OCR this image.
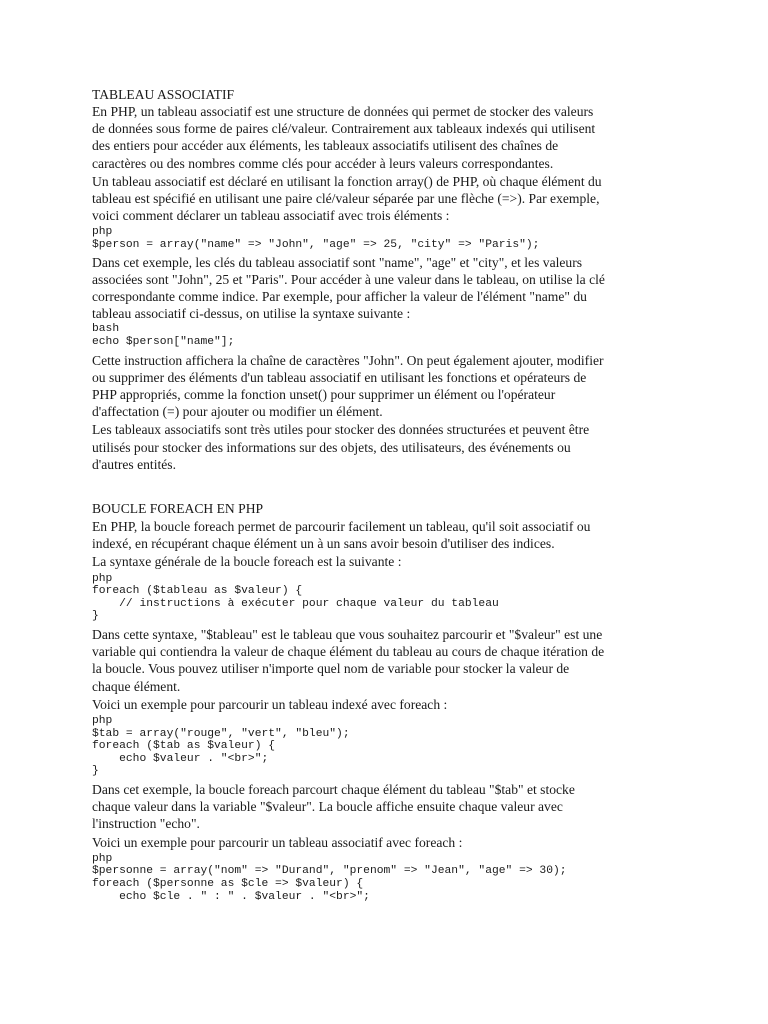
TABLEAU ASSOCIATIF
En PHP, un tableau associatif est une structure de données qui permet de stocker des valeurs
de données sous forme de paires clé/valeur. Contrairement aux tableaux indexés qui utilisent
des entiers pour accéder aux éléments, les tableaux associatifs utilisent des chaînes de
caractères ou des nombres comme clés pour accéder à leurs valeurs correspondantes.
Un tableau associatif est déclaré en utilisant la fonction array() de PHP, où chaque élément du
tableau est spécifié en utilisant une paire clé/valeur séparée par une flèche (=>). Par exemple,
voici comment déclarer un tableau associatif avec trois éléments :
php
$person = array("name" => "John", "age" => 25, "city" => "Paris");
Dans cet exemple, les clés du tableau associatif sont "name", "age" et "city", et les valeurs
associées sont "John", 25 et "Paris". Pour accéder à une valeur dans le tableau, on utilise la clé
correspondante comme indice. Par exemple, pour afficher la valeur de l'élément "name" du
tableau associatif ci-dessus, on utilise la syntaxe suivante :
bash
echo $person["name"];
Cette instruction affichera la chaîne de caractères "John". On peut également ajouter, modifier
ou supprimer des éléments d'un tableau associatif en utilisant les fonctions et opérateurs de
PHP appropriés, comme la fonction unset() pour supprimer un élément ou l'opérateur
d'affectation (=) pour ajouter ou modifier un élément.
Les tableaux associatifs sont très utiles pour stocker des données structurées et peuvent être
utilisés pour stocker des informations sur des objets, des utilisateurs, des événements ou
d'autres entités.
BOUCLE FOREACH EN PHP
En PHP, la boucle foreach permet de parcourir facilement un tableau, qu'il soit associatif ou
indexé, en récupérant chaque élément un à un sans avoir besoin d'utiliser des indices.
La syntaxe générale de la boucle foreach est la suivante :
php
foreach ($tableau as $valeur) {
// instructions à exécuter pour chaque valeur du tableau
}
Dans cette syntaxe, "$tableau" est le tableau que vous souhaitez parcourir et "$valeur" est une
variable qui contiendra la valeur de chaque élément du tableau au cours de chaque itération de
la boucle. Vous pouvez utiliser n'importe quel nom de variable pour stocker la valeur de
chaque élément.
Voici un exemple pour parcourir un tableau indexé avec foreach :
php
$tab = array("rouge", "vert", "bleu");
foreach ($tab as $valeur) {
echo $valeur . "<br>";
}
Dans cet exemple, la boucle foreach parcourt chaque élément du tableau "$tab" et stocke
chaque valeur dans la variable "$valeur". La boucle affiche ensuite chaque valeur avec
l'instruction "echo".
Voici un exemple pour parcourir un tableau associatif avec foreach :
php
$personne = array("nom" => "Durand", "prenom" => "Jean", "age" => 30);
foreach ($personne as $cle => $valeur) {
echo $cle . " : " . $valeur . "<br>";
